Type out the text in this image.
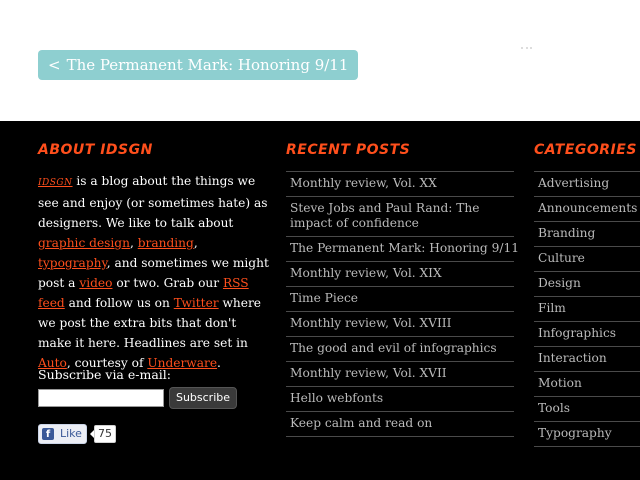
< The Permanent Mark: Honoring 9/11
ABOUT IDSGN	RECENT POSTS	CATEGORIES

IDSGN is a blog about the things we see and enjoy (or sometimes hate) as designers. We like to talk about graphic design, branding, typography, and sometimes we might post a video or two. Grab our RSS feed and follow us on Twitter where we post the extra bits that don't make it here. Headlines are set in Auto, courtesy of Underware.

Subscribe via e-mail:
Subscribe
f Like	75
Monthly review, Vol. XX
Steve Jobs and Paul Rand: The impact of confidence
The Permanent Mark: Honoring 9/11
Monthly review, Vol. XIX
Time Piece
Monthly review, Vol. XVIII
The good and evil of infographics
Monthly review, Vol. XVII
Hello webfonts
Keep calm and read on
Advertising
Announcements
Branding
Culture
Design
Film
Infographics
Interaction
Motion
Tools
Typography
